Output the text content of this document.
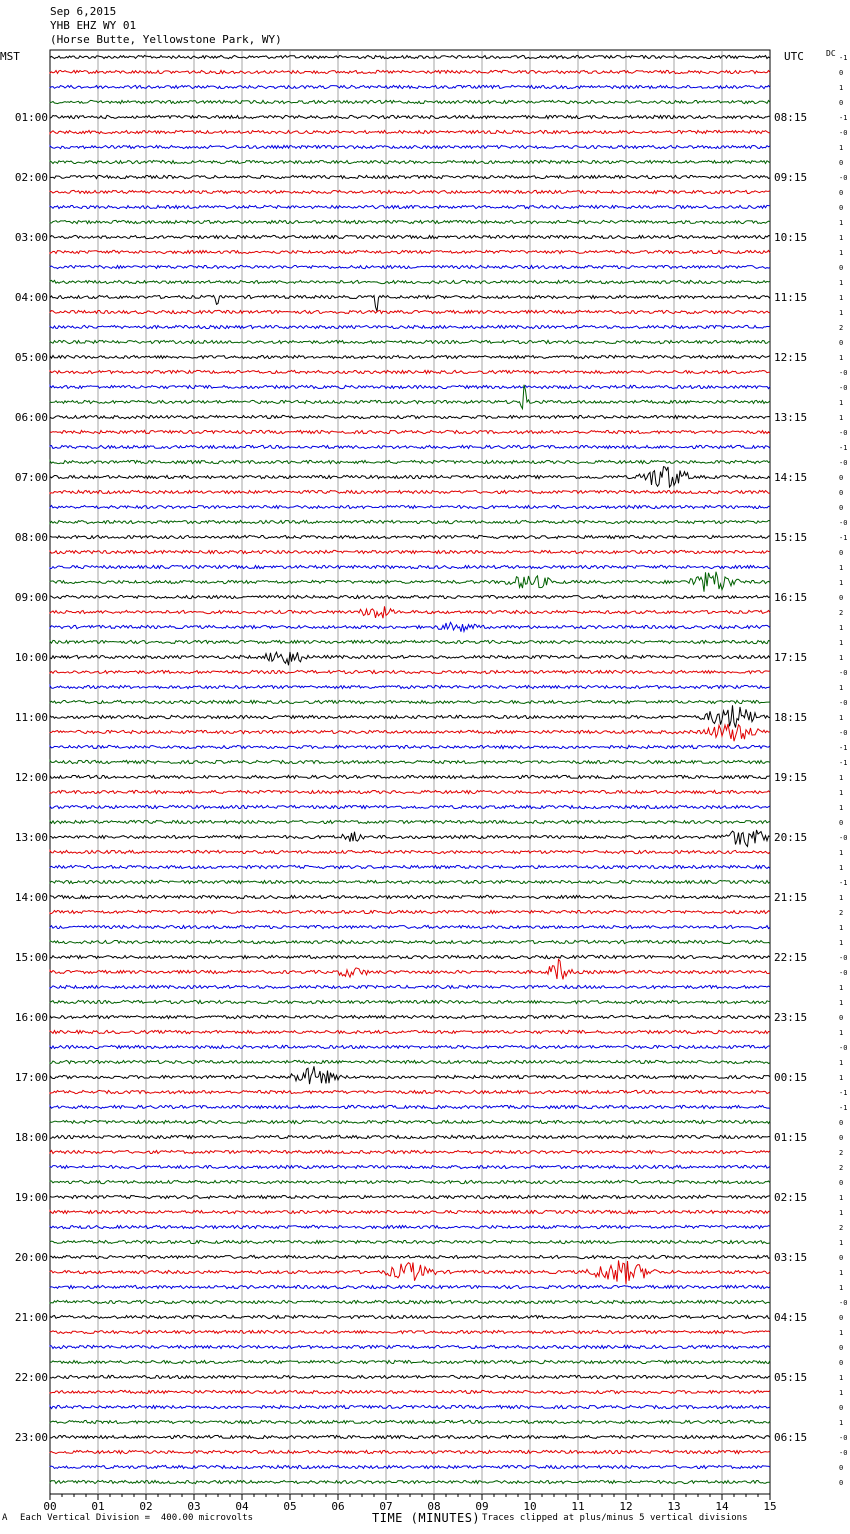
Sep 6,2015
YHB EHZ WY 01
(Horse Butte, Yellowstone Park, WY)
MST	UTC	DC -1
0
1
0
-1
-0
1
0
-0
0
0
1
1
1
0
1
1
1
2
0
1
-0
-0
1
1
-0
-1
-0
0
0
0
-0
-1
0
1
1
0
2
1
1
1
-0
1
-0
1
-0
-1
-1
1
1
1
0
-0
1
1
-1
1
2
1
1
-0
-0
1
1
0
1
-0
1
1
-1
-1
0
0
2
2
0
1
1
2
1
0
1
1
-0
0
1
0
0
1
1
0
1
-0
-0
0
0
01:00
02:00
03:00
04:00
05:00
06:00
07:00
08:00
09:00
10:00
11:00
12:00
13:00
14:00
15:00
16:00
17:00
18:00
19:00
20:00
21:00
22:00
23:00
08:15
09:15
10:15
11:15
12:15
13:15
14:15
15:15
16:15
17:15
18:15
19:15
20:15
21:15
22:15
23:15
00:15
01:15
02:15
03:15
04:15
05:15
06:15
00	01	02	03	04	05	06	07	08	09	10	11	12	13	14	15
A Each Vertical Division =  400.00 microvolts	TIME (MINUTES) Traces clipped at plus/minus 5 vertical divisions
